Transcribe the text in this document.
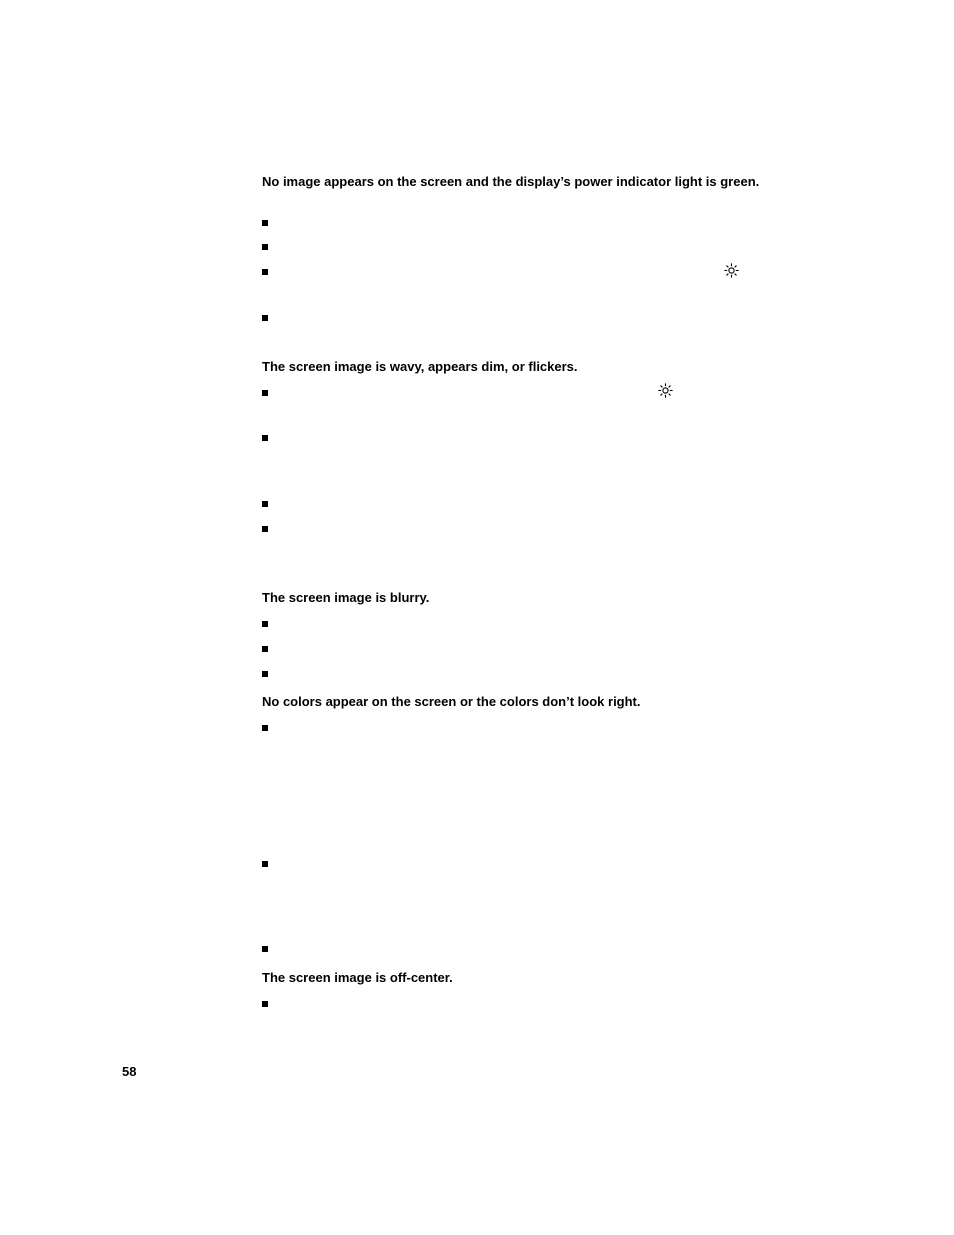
No image appears on the screen and the display’s power indicator light is green.

The screen image is wavy, appears dim, or flickers.

The screen image is blurry.

No colors appear on the screen or the colors don’t look right.

The screen image is off-center.

58
